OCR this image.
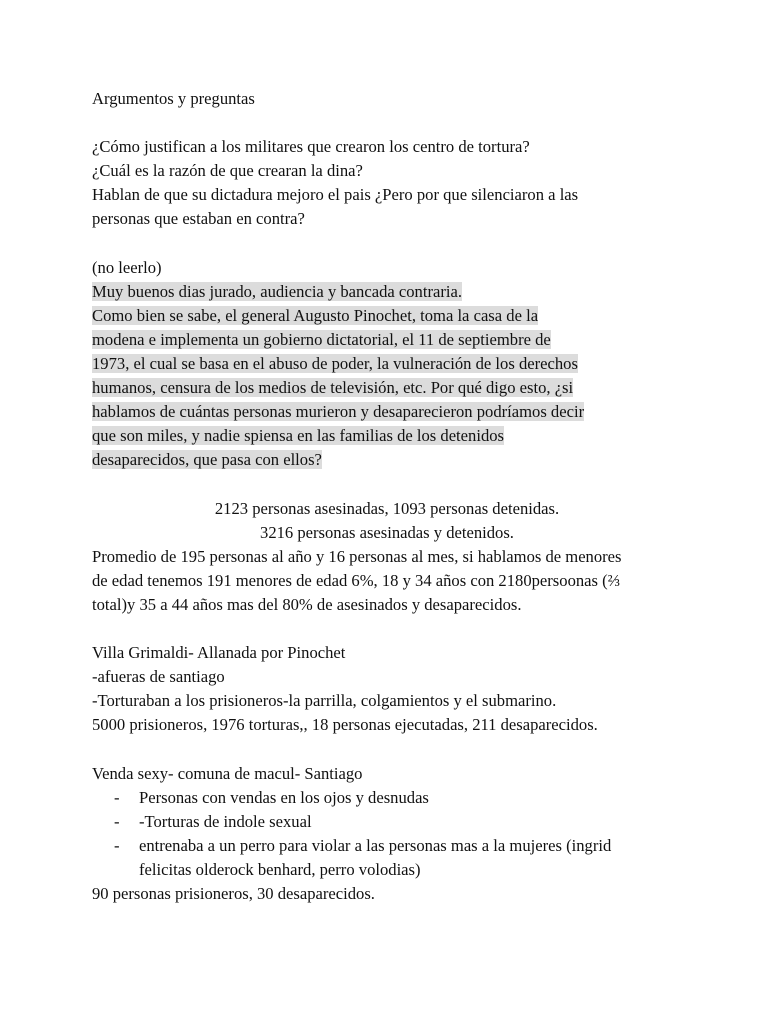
Argumentos y preguntas
¿Cómo justifican a los militares que crearon los centro de tortura?
¿Cuál es la razón de que crearan la dina?
Hablan de que su dictadura mejoro el pais ¿Pero por que silenciaron a las
personas que estaban en contra?
(no leerlo)
Muy buenos dias jurado, audiencia y bancada contraria.
Como bien se sabe, el general Augusto Pinochet, toma la casa de la
modena e implementa un gobierno dictatorial, el 11 de septiembre de
1973, el cual se basa en el abuso de poder, la vulneración de los derechos
humanos, censura de los medios de televisión, etc. Por qué digo esto, ¿si
hablamos de cuántas personas murieron y desaparecieron podríamos decir
que son miles, y nadie spiensa en las familias de los detenidos
desaparecidos, que pasa con ellos?
2123 personas asesinadas, 1093 personas detenidas.
3216 personas asesinadas y detenidos.
Promedio de 195 personas al año y 16 personas al mes, si hablamos de menores
de edad tenemos 191 menores de edad 6%, 18 y 34 años con 2180persoonas (⅔
total)y 35 a 44 años mas del 80% de asesinados y desaparecidos.
Villa Grimaldi- Allanada por Pinochet
-afueras de santiago
-Torturaban a los prisioneros-la parrilla, colgamientos y el submarino.
5000 prisioneros, 1976 torturas,, 18 personas ejecutadas, 211 desaparecidos.
Venda sexy- comuna de macul- Santiago
- Personas con vendas en los ojos y desnudas
- -Torturas de indole sexual
- entrenaba a un perro para violar a las personas mas a la mujeres (ingrid
felicitas olderock benhard, perro volodias)
90 personas prisioneros, 30 desaparecidos.
